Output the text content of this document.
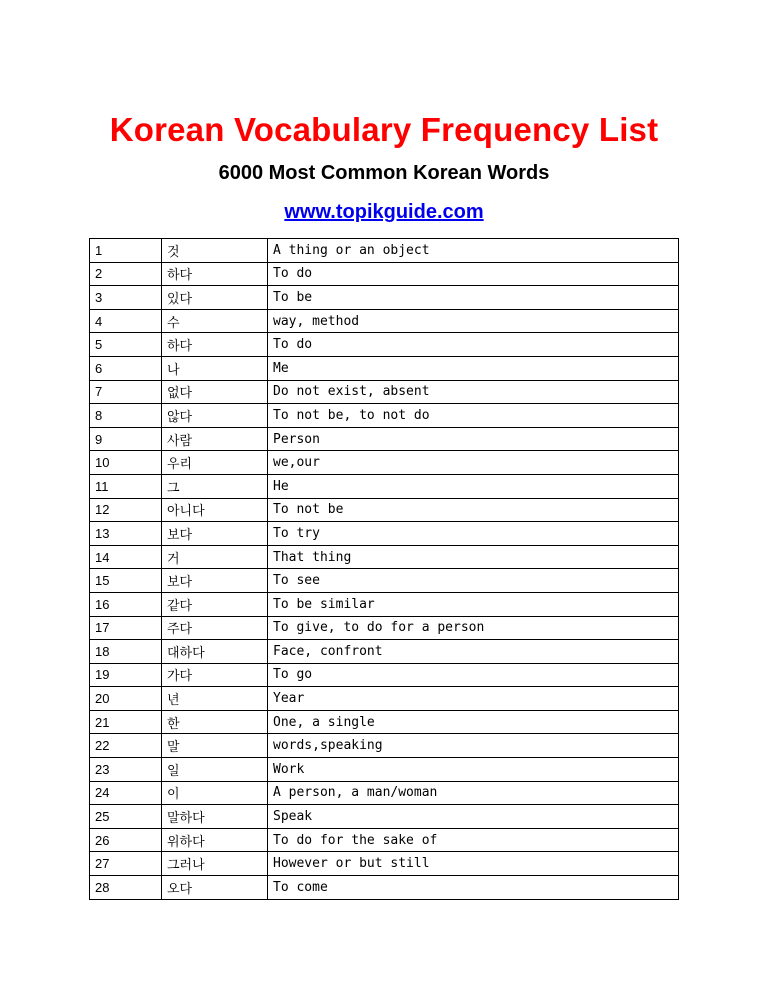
Korean Vocabulary Frequency List
6000 Most Common Korean Words
www.topikguide.com
1	것	A thing or an object
2	하다	To do
3	있다	To be
4	수	way, method
5	하다	To do
6	나	Me
7	없다	Do not exist, absent
8	않다	To not be, to not do
9	사람	Person
10	우리	we,our
11	그	He
12	아니다	To not be
13	보다	To try
14	거	That thing
15	보다	To see
16	같다	To be similar
17	주다	To give, to do for a person
18	대하다	Face, confront
19	가다	To go
20	년	Year
21	한	One, a single
22	말	words,speaking
23	일	Work
24	이	A person, a man/woman
25	말하다	Speak
26	위하다	To do for the sake of
27	그러나	However or but still
28	오다	To come
